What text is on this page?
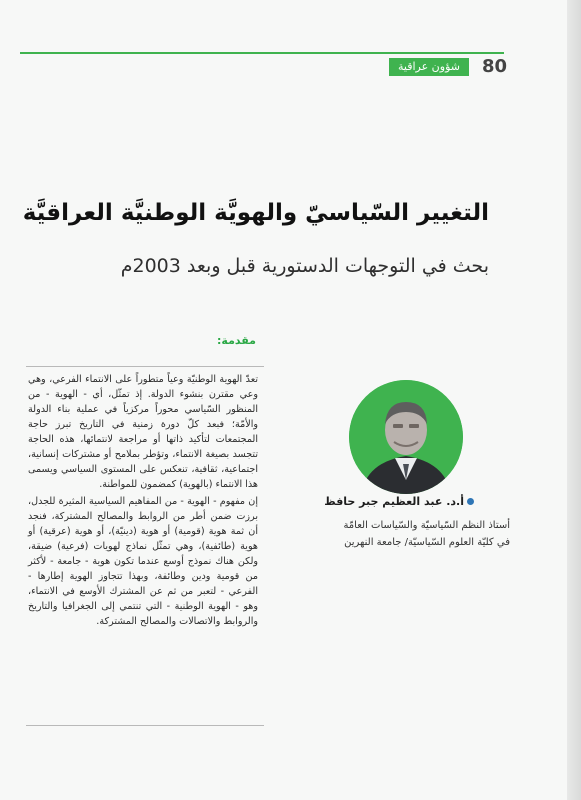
80
شؤون عراقية
التغيير السّياسيّ والهويَّة الوطنيَّة العراقيَّة
بحث في التوجهات الدستورية قبل وبعد 2003م
مقدمة:

تعدّ الهوية الوطنيّة وعياً متطوراً على الانتماء الفرعي، وهي وعي مقترن بنشوء الدولة. إذ تمثّل، أي - الهوية - من المنظور السّياسي محوراً مركزياً في عملية بناء الدولة والأمّة؛ فبعد كلّ دورة زمنية في التاريخ تبرز حاجة المجتمعات لتأكيد ذاتها أو مراجعة لانتمائها، هذه الحاجة تتجسد بصيغة الانتماء، وتؤطر بملامح أو مشتركات إنسانية، اجتماعية، ثقافية، تنعكس على المستوى السياسي ويسمى هذا الانتماء (بالهوية) كمضمون للمواطنة.

إن مفهوم - الهوية - من المفاهيم السياسية المثيرة للجدل، برزت ضمن أطر من الروابط والمصالح المشتركة، فنجد أن ثمة هوية (قومية) أو هوية (دينيّة)، أو هوية (عرقية) أو هوية (طائفية)، وهي تمثّل نماذج لهويات (فرعية) ضيقة، ولكن هناك نموذج أوسع عندما تكون هوية - جامعة - لأكثر من قومية ودين وطائفة، وبهذا تتجاوز الهوية إطارها - الفرعي - لتعبر من ثم عن المشترك الأوسع في الانتماء، وهو - الهوية الوطنية - التي تنتمي إلى الجغرافيا والتاريخ والروابط والاتصالات والمصالح المشتركة.

أ.د. عبد العظيم جبر حافظ
أستاذ النظم السّياسيّة والسّياسات العامّة
في كليّة العلوم السّياسيّة/ جامعة النهرين
